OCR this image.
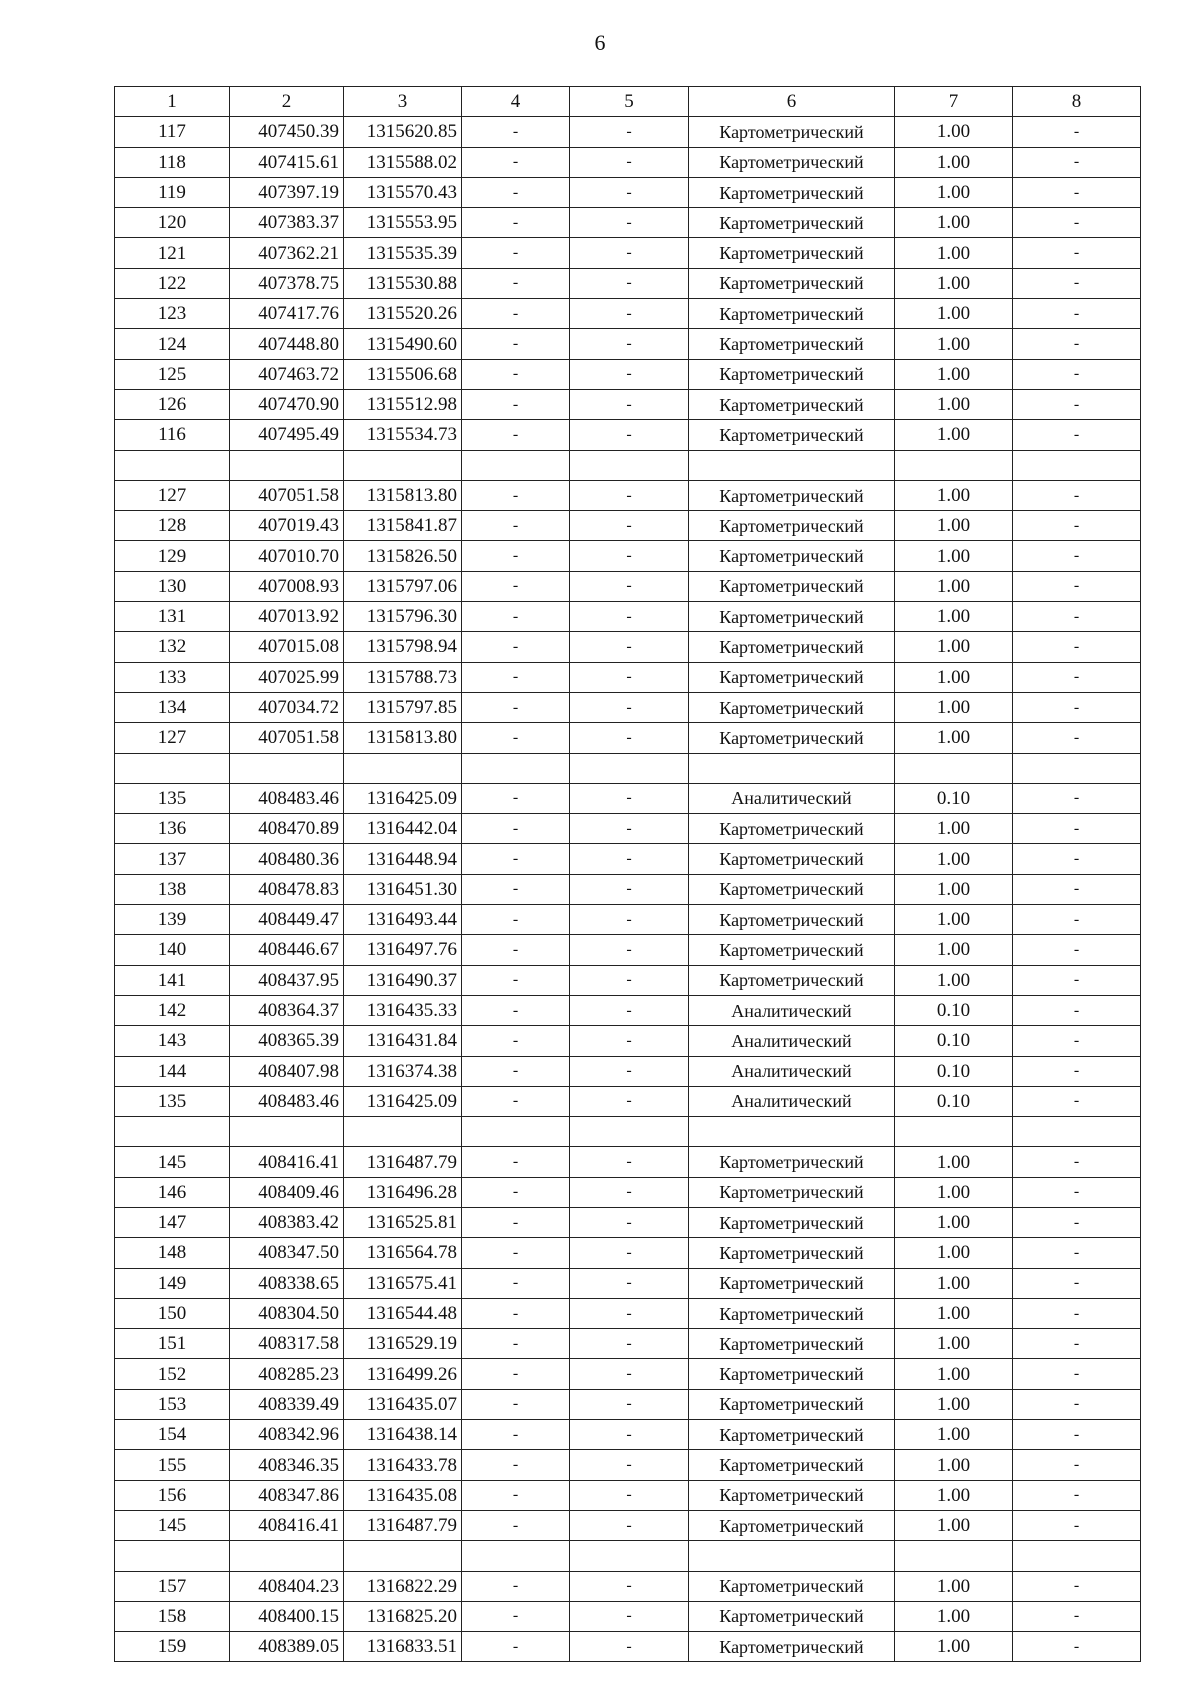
6
1	2	3	4	5	6	7	8
117	407450.39	1315620.85	-	-	Картометрический	1.00	-
118	407415.61	1315588.02	-	-	Картометрический	1.00	-
119	407397.19	1315570.43	-	-	Картометрический	1.00	-
120	407383.37	1315553.95	-	-	Картометрический	1.00	-
121	407362.21	1315535.39	-	-	Картометрический	1.00	-
122	407378.75	1315530.88	-	-	Картометрический	1.00	-
123	407417.76	1315520.26	-	-	Картометрический	1.00	-
124	407448.80	1315490.60	-	-	Картометрический	1.00	-
125	407463.72	1315506.68	-	-	Картометрический	1.00	-
126	407470.90	1315512.98	-	-	Картометрический	1.00	-
116	407495.49	1315534.73	-	-	Картометрический	1.00	-

127	407051.58	1315813.80	-	-	Картометрический	1.00	-
128	407019.43	1315841.87	-	-	Картометрический	1.00	-
129	407010.70	1315826.50	-	-	Картометрический	1.00	-
130	407008.93	1315797.06	-	-	Картометрический	1.00	-
131	407013.92	1315796.30	-	-	Картометрический	1.00	-
132	407015.08	1315798.94	-	-	Картометрический	1.00	-
133	407025.99	1315788.73	-	-	Картометрический	1.00	-
134	407034.72	1315797.85	-	-	Картометрический	1.00	-
127	407051.58	1315813.80	-	-	Картометрический	1.00	-

135	408483.46	1316425.09	-	-	Аналитический	0.10	-
136	408470.89	1316442.04	-	-	Картометрический	1.00	-
137	408480.36	1316448.94	-	-	Картометрический	1.00	-
138	408478.83	1316451.30	-	-	Картометрический	1.00	-
139	408449.47	1316493.44	-	-	Картометрический	1.00	-
140	408446.67	1316497.76	-	-	Картометрический	1.00	-
141	408437.95	1316490.37	-	-	Картометрический	1.00	-
142	408364.37	1316435.33	-	-	Аналитический	0.10	-
143	408365.39	1316431.84	-	-	Аналитический	0.10	-
144	408407.98	1316374.38	-	-	Аналитический	0.10	-
135	408483.46	1316425.09	-	-	Аналитический	0.10	-

145	408416.41	1316487.79	-	-	Картометрический	1.00	-
146	408409.46	1316496.28	-	-	Картометрический	1.00	-
147	408383.42	1316525.81	-	-	Картометрический	1.00	-
148	408347.50	1316564.78	-	-	Картометрический	1.00	-
149	408338.65	1316575.41	-	-	Картометрический	1.00	-
150	408304.50	1316544.48	-	-	Картометрический	1.00	-
151	408317.58	1316529.19	-	-	Картометрический	1.00	-
152	408285.23	1316499.26	-	-	Картометрический	1.00	-
153	408339.49	1316435.07	-	-	Картометрический	1.00	-
154	408342.96	1316438.14	-	-	Картометрический	1.00	-
155	408346.35	1316433.78	-	-	Картометрический	1.00	-
156	408347.86	1316435.08	-	-	Картометрический	1.00	-
145	408416.41	1316487.79	-	-	Картометрический	1.00	-

157	408404.23	1316822.29	-	-	Картометрический	1.00	-
158	408400.15	1316825.20	-	-	Картометрический	1.00	-
159	408389.05	1316833.51	-	-	Картометрический	1.00	-
